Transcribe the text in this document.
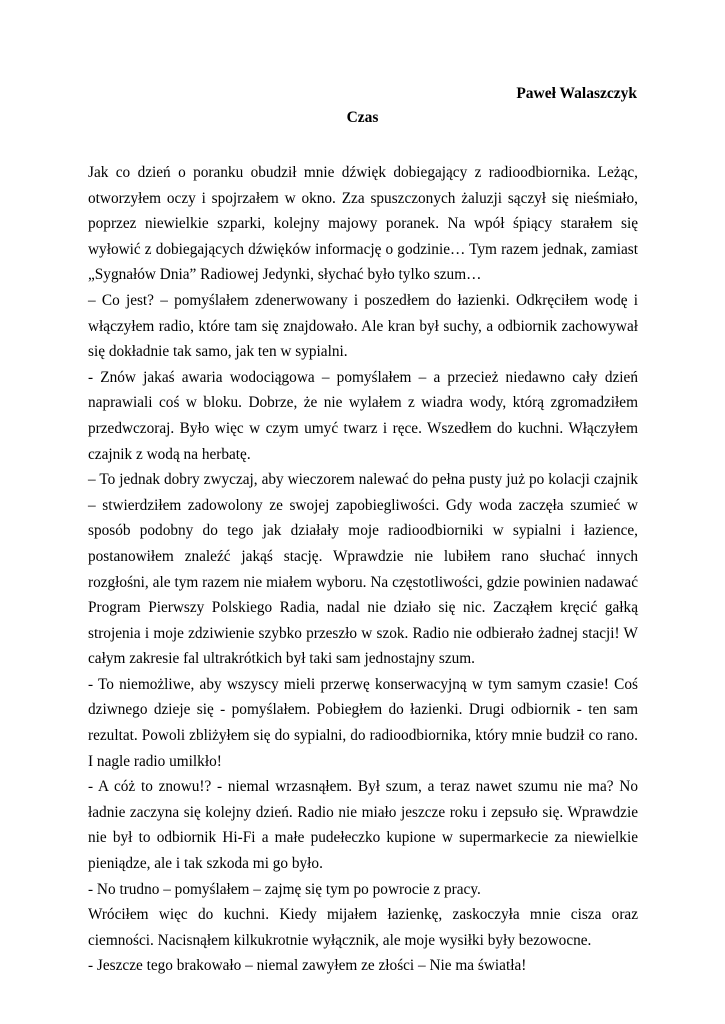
Paweł Walaszczyk

Czas

Jak co dzień o poranku obudził mnie dźwięk dobiegający z radioodbiornika. Leżąc, otworzyłem oczy i spojrzałem w okno. Zza spuszczonych żaluzji sączył się nieśmiało, poprzez niewielkie szparki, kolejny majowy poranek. Na wpół śpiący starałem się wyłowić z dobiegających dźwięków informację o godzinie… Tym razem jednak, zamiast „Sygnałów Dnia” Radiowej Jedynki, słychać było tylko szum…

– Co jest? – pomyślałem zdenerwowany i poszedłem do łazienki. Odkręciłem wodę i włączyłem radio, które tam się znajdowało. Ale kran był suchy, a odbiornik zachowywał się dokładnie tak samo, jak ten w sypialni.

- Znów jakaś awaria wodociągowa – pomyślałem – a przecież niedawno cały dzień naprawiali coś w bloku. Dobrze, że nie wylałem z wiadra wody, którą zgromadziłem przedwczoraj. Było więc w czym umyć twarz i ręce. Wszedłem do kuchni. Włączyłem czajnik z wodą na herbatę.

– To jednak dobry zwyczaj, aby wieczorem nalewać do pełna pusty już po kolacji czajnik – stwierdziłem zadowolony ze swojej zapobiegliwości. Gdy woda zaczęła szumieć w sposób podobny do tego jak działały moje radioodbiorniki w sypialni i łazience, postanowiłem znaleźć jakąś stację. Wprawdzie nie lubiłem rano słuchać innych rozgłośni, ale tym razem nie miałem wyboru. Na częstotliwości, gdzie powinien nadawać Program Pierwszy Polskiego Radia, nadal nie działo się nic. Zacząłem kręcić gałką strojenia i moje zdziwienie szybko przeszło w szok. Radio nie odbierało żadnej stacji! W całym zakresie fal ultrakrótkich był taki sam jednostajny szum.

- To niemożliwe, aby wszyscy mieli przerwę konserwacyjną w tym samym czasie! Coś dziwnego dzieje się - pomyślałem. Pobiegłem do łazienki. Drugi odbiornik - ten sam rezultat. Powoli zbliżyłem się do sypialni, do radioodbiornika, który mnie budził co rano. I nagle radio umilkło!

- A cóż to znowu!? - niemal wrzasnąłem. Był szum, a teraz nawet szumu nie ma? No ładnie zaczyna się kolejny dzień. Radio nie miało jeszcze roku i zepsuło się. Wprawdzie nie był to odbiornik Hi-Fi a małe pudełeczko kupione w supermarkecie za niewielkie pieniądze, ale i tak szkoda mi go było.

- No trudno – pomyślałem – zajmę się tym po powrocie z pracy.

Wróciłem więc do kuchni. Kiedy mijałem łazienkę, zaskoczyła mnie cisza oraz ciemności. Nacisnąłem kilkukrotnie wyłącznik, ale moje wysiłki były bezowocne.

- Jeszcze tego brakowało – niemal zawyłem ze złości – Nie ma światła!
